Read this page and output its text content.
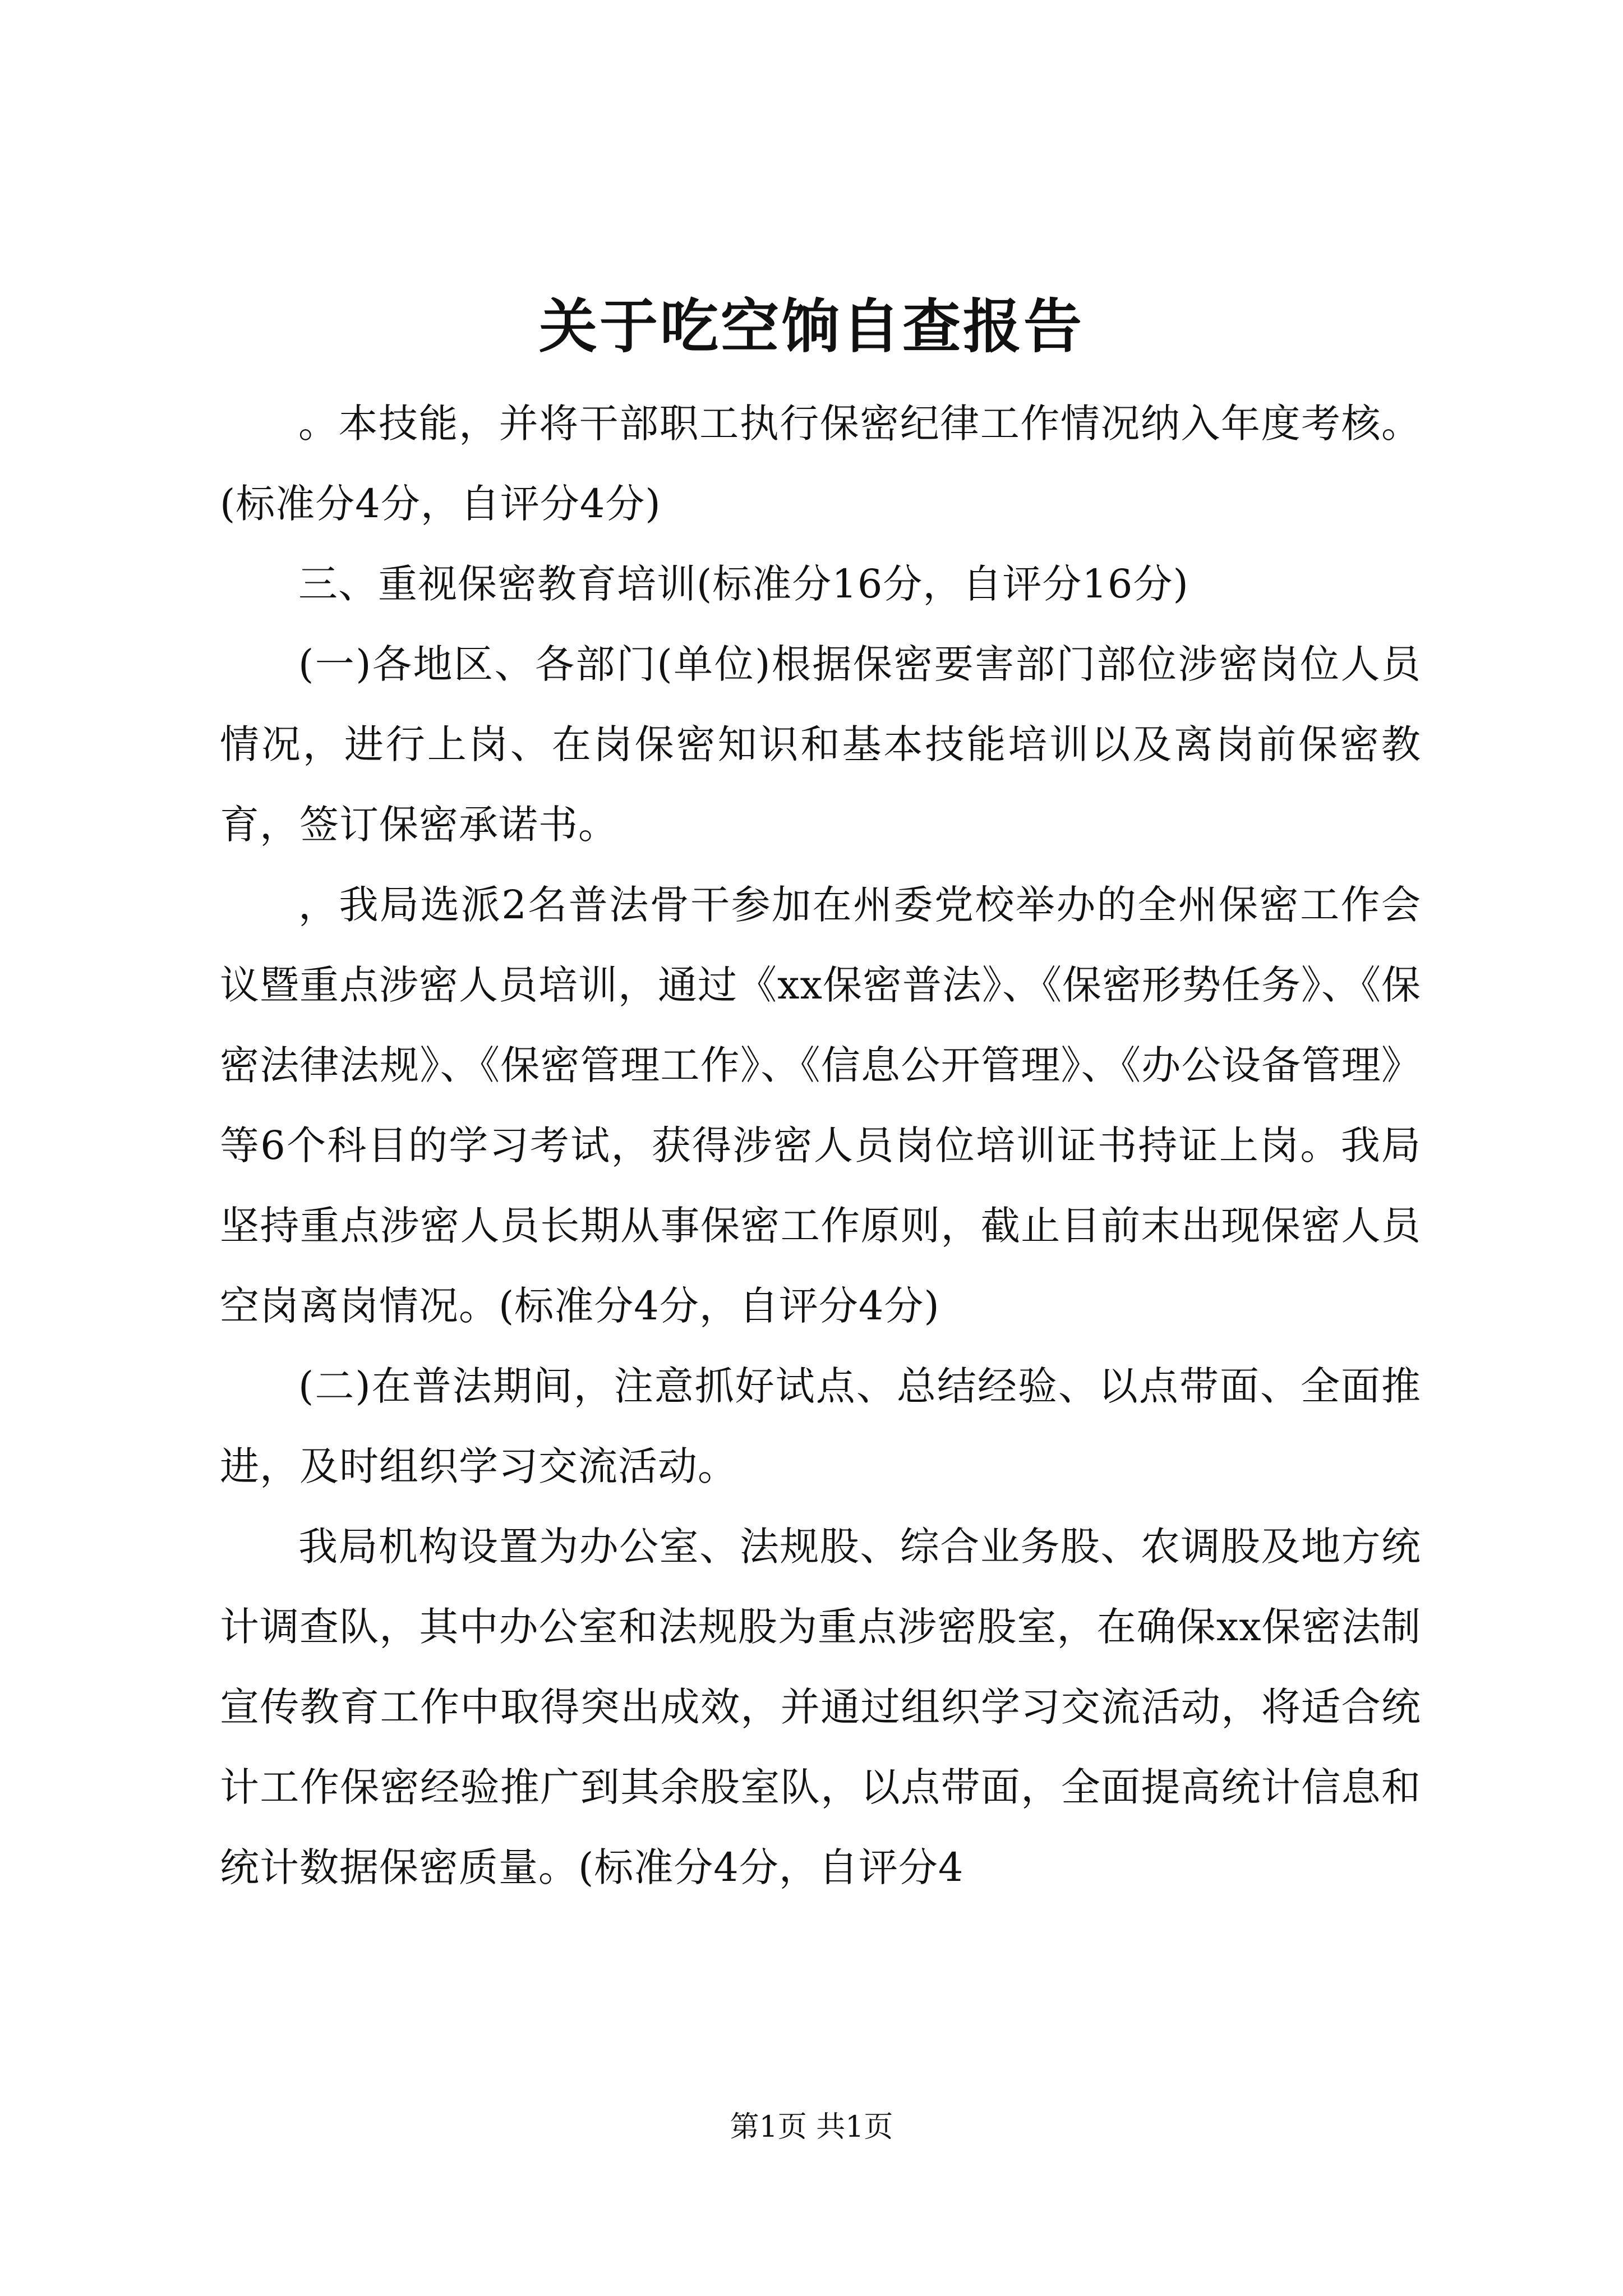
关于吃空饷自查报告

。本技能，并将干部职工执行保密纪律工作情况纳入年度考核。(标准分4分，自评分4分)

三、重视保密教育培训(标准分16分，自评分16分)

(一)各地区、各部门(单位)根据保密要害部门部位涉密岗位人员情况，进行上岗、在岗保密知识和基本技能培训以及离岗前保密教育，签订保密承诺书。

，我局选派2名普法骨干参加在州委党校举办的全州保密工作会议暨重点涉密人员培训，通过《xx保密普法》、《保密形势任务》、《保密法律法规》、《保密管理工作》、《信息公开管理》、《办公设备管理》等6个科目的学习考试，获得涉密人员岗位培训证书持证上岗。我局坚持重点涉密人员长期从事保密工作原则，截止目前末出现保密人员空岗离岗情况。(标准分4分，自评分4分)

(二)在普法期间，注意抓好试点、总结经验、以点带面、全面推进，及时组织学习交流活动。

我局机构设置为办公室、法规股、综合业务股、农调股及地方统计调查队，其中办公室和法规股为重点涉密股室，在确保xx保密法制宣传教育工作中取得突出成效，并通过组织学习交流活动，将适合统计工作保密经验推广到其余股室队，以点带面，全面提高统计信息和统计数据保密质量。(标准分4分，自评分4

第1页 共1页
